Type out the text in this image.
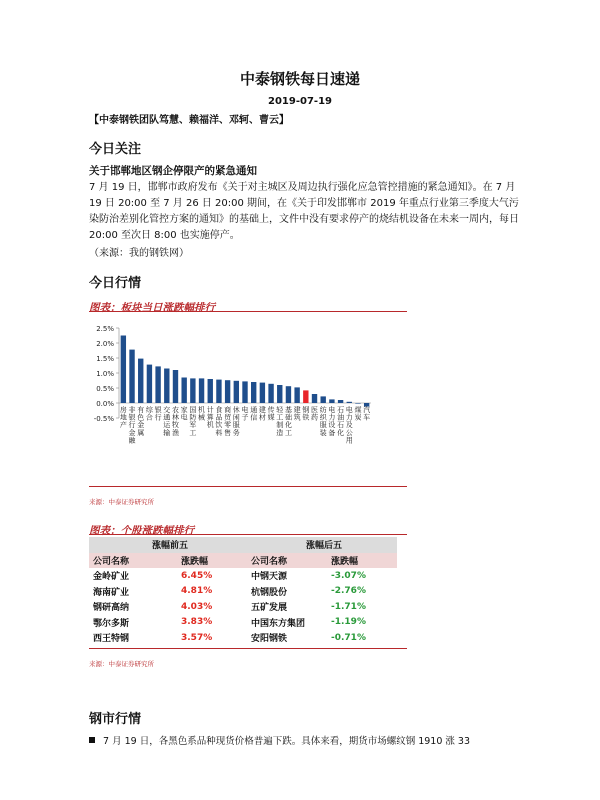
中泰钢铁每日速递
2019-07-19
【中泰钢铁团队笃慧、赖福洋、邓轲、曹云】
今日关注
关于邯郸地区钢企停限产的紧急通知
7 月 19 日，邯郸市政府发布《关于对主城区及周边执行强化应急管控措施的紧急通知》。在 7 月 19 日 20:00 至 7 月 26 日 20:00 期间，在《关于印发邯郸市 2019 年重点行业第三季度大气污染防治差别化管控方案的通知》的基础上，文件中没有要求停产的烧结机设备在未来一周内，每日 20:00 至次日 8:00 也实施停产。
（来源：我的钢铁网）
今日行情
图表：板块当日涨跌幅排行
2.5%
2.0%
1.5%
1.0%
0.5%
0.0%
-0.5%
房地产
非银行金融
有色金属
综合
银行
交通运输
农林牧渔
家电
国防军工
机械
计算机
食品饮料
商贸零售
休闲服务
电子
通信
建材
传媒
轻工制造
基础化工
建筑
钢铁
医药
纺织服装
电力设备
石油石化
电力及公用
煤炭
汽车
来源：中泰证券研究所
图表：个股涨跌幅排行
涨幅前五		涨幅后五	
公司名称	涨跌幅	公司名称	涨跌幅
金岭矿业	6.45%	中钢天源	-3.07%
海南矿业	4.81%	杭钢股份	-2.76%
钢研高纳	4.03%	五矿发展	-1.71%
鄂尔多斯	3.83%	中国东方集团	-1.19%
西王特钢	3.57%	安阳钢铁	-0.71%
来源：中泰证券研究所
钢市行情
7 月 19 日，各黑色系品种现货价格普遍下跌。具体来看，期货市场螺纹钢 1910 涨 33
